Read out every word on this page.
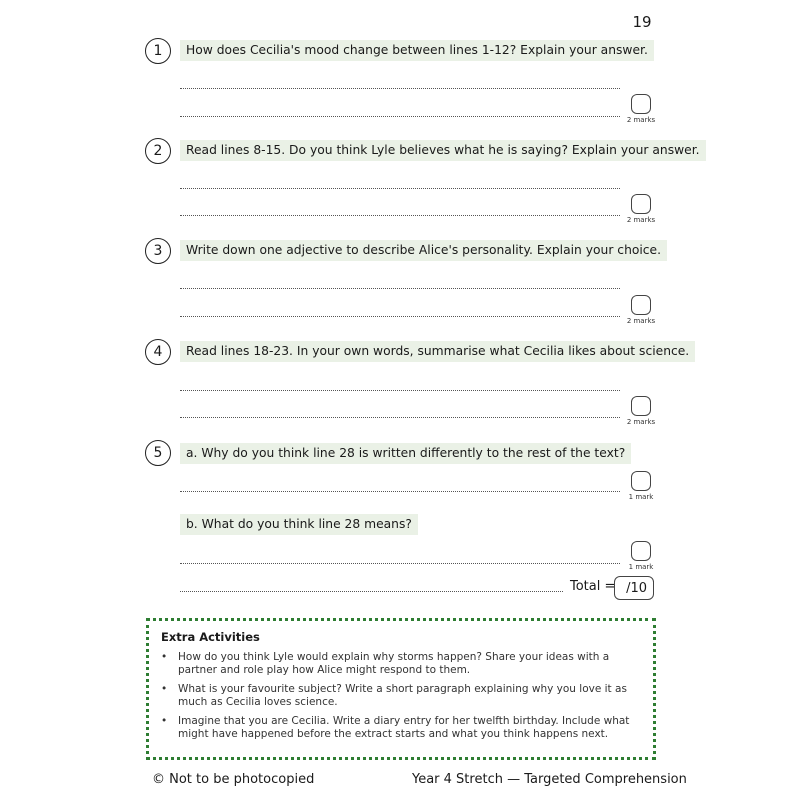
19
1	How does Cecilia's mood change between lines 1-12? Explain your answer.
2 marks
2	Read lines 8-15. Do you think Lyle believes what he is saying? Explain your answer.
2 marks
3	Write down one adjective to describe Alice's personality. Explain your choice.
2 marks
4	Read lines 18-23. In your own words, summarise what Cecilia likes about science.
2 marks
5	a. Why do you think line 28 is written differently to the rest of the text?
1 mark
b. What do you think line 28 means?
1 mark
Total = /10
Extra Activities
• How do you think Lyle would explain why storms happen? Share your ideas with a partner and role play how Alice might respond to them.
• What is your favourite subject? Write a short paragraph explaining why you love it as much as Cecilia loves science.
• Imagine that you are Cecilia. Write a diary entry for her twelfth birthday. Include what might have happened before the extract starts and what you think happens next.
© Not to be photocopied	Year 4 Stretch — Targeted Comprehension
